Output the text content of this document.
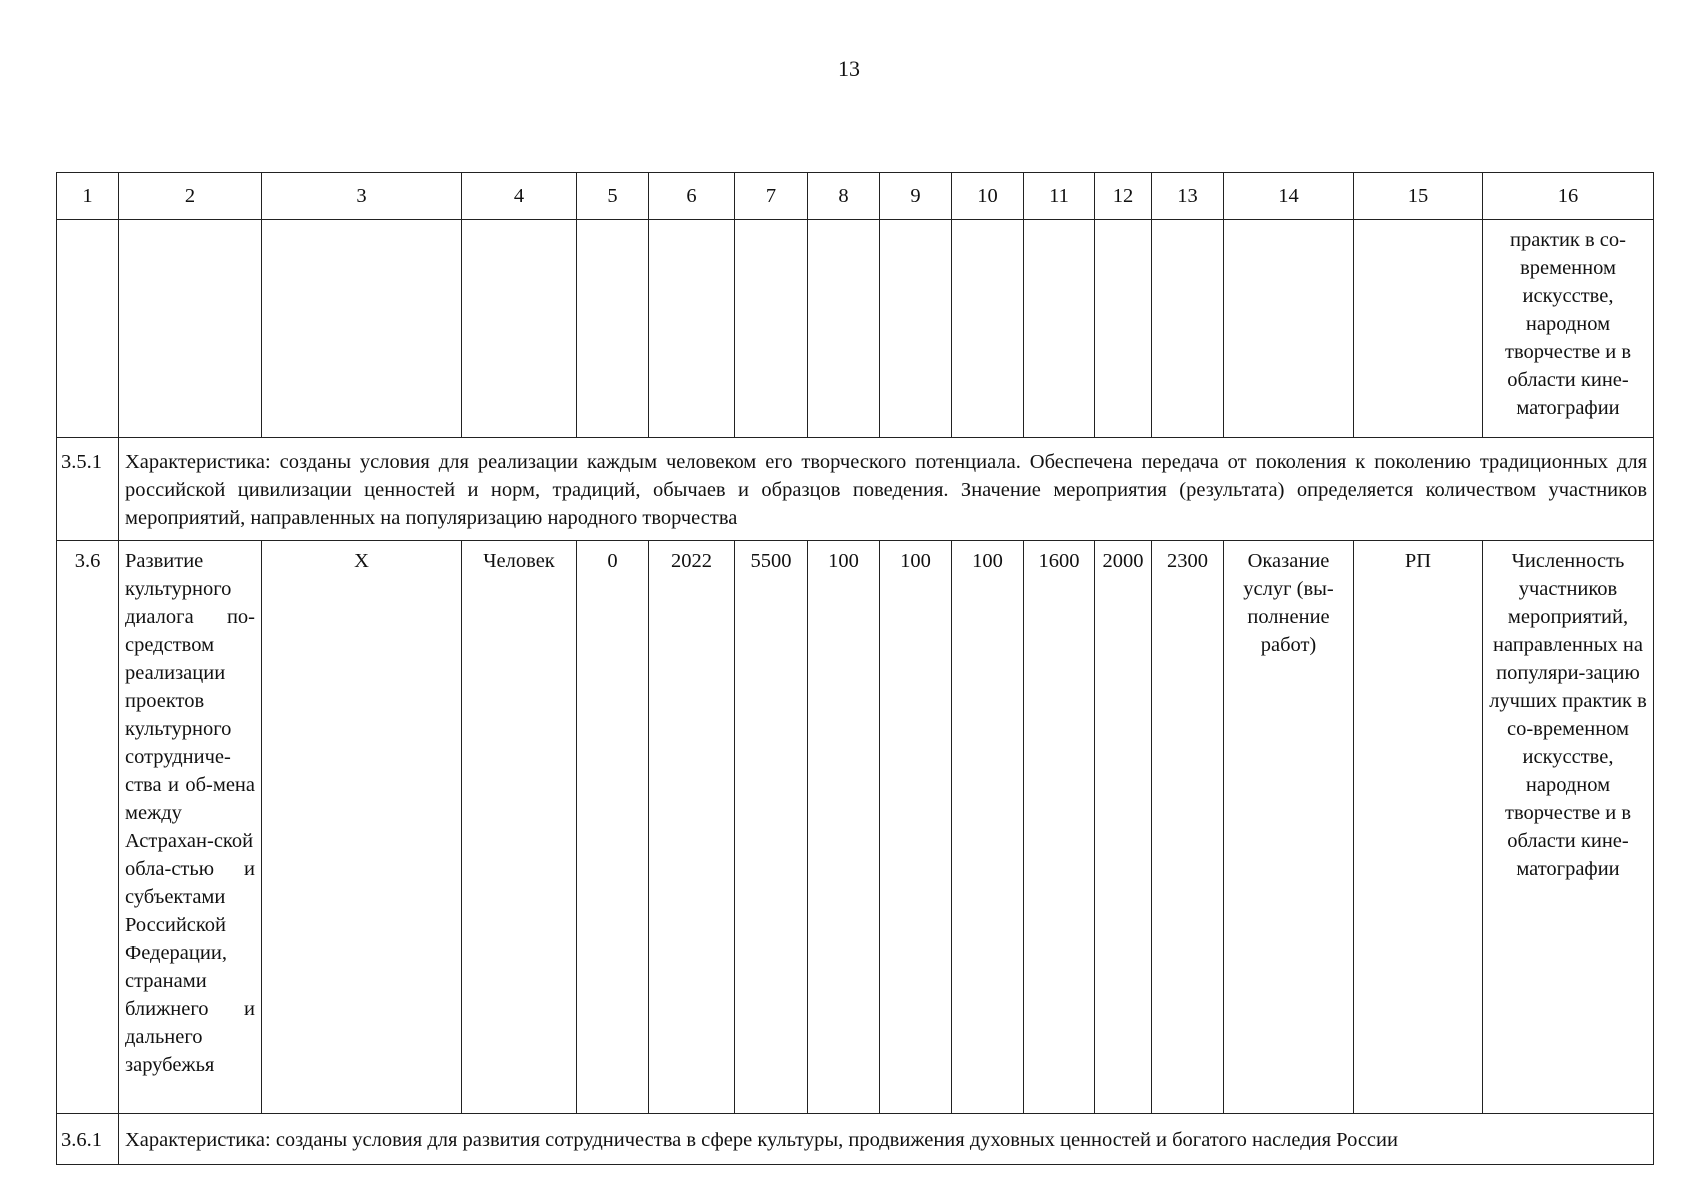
13
1	2	3	4	5	6	7	8	9	10	11	12	13	14	15	16
															практик в со-временном искусстве, народном творчестве и в области кине-матографии
3.5.1	Характеристика: созданы условия для реализации каждым человеком его творческого потенциала. Обеспечена передача от поколения к поколению традиционных для российской цивилизации ценностей и норм, традиций, обычаев и образцов поведения. Значение мероприятия (результата) определяется количеством участников мероприятий, направленных на популяризацию народного творчества														
3.6	Развитие культурного диалога по-средством реализации проектов культурного сотрудниче-ства и об-мена между Астрахан-ской обла-стью и субъектами Российской Федерации, странами ближнего и дальнего зарубежья	Х	Человек	0	2022	5500	100	100	100	1600	2000	2300	Оказание услуг (вы-полнение работ)	РП	Численность участников мероприятий, направленных на популяри-зацию лучших практик в со-временном искусстве, народном творчестве и в области кине-матографии
3.6.1	Характеристика: созданы условия для развития сотрудничества в сфере культуры, продвижения духовных ценностей и богатого наследия России														
